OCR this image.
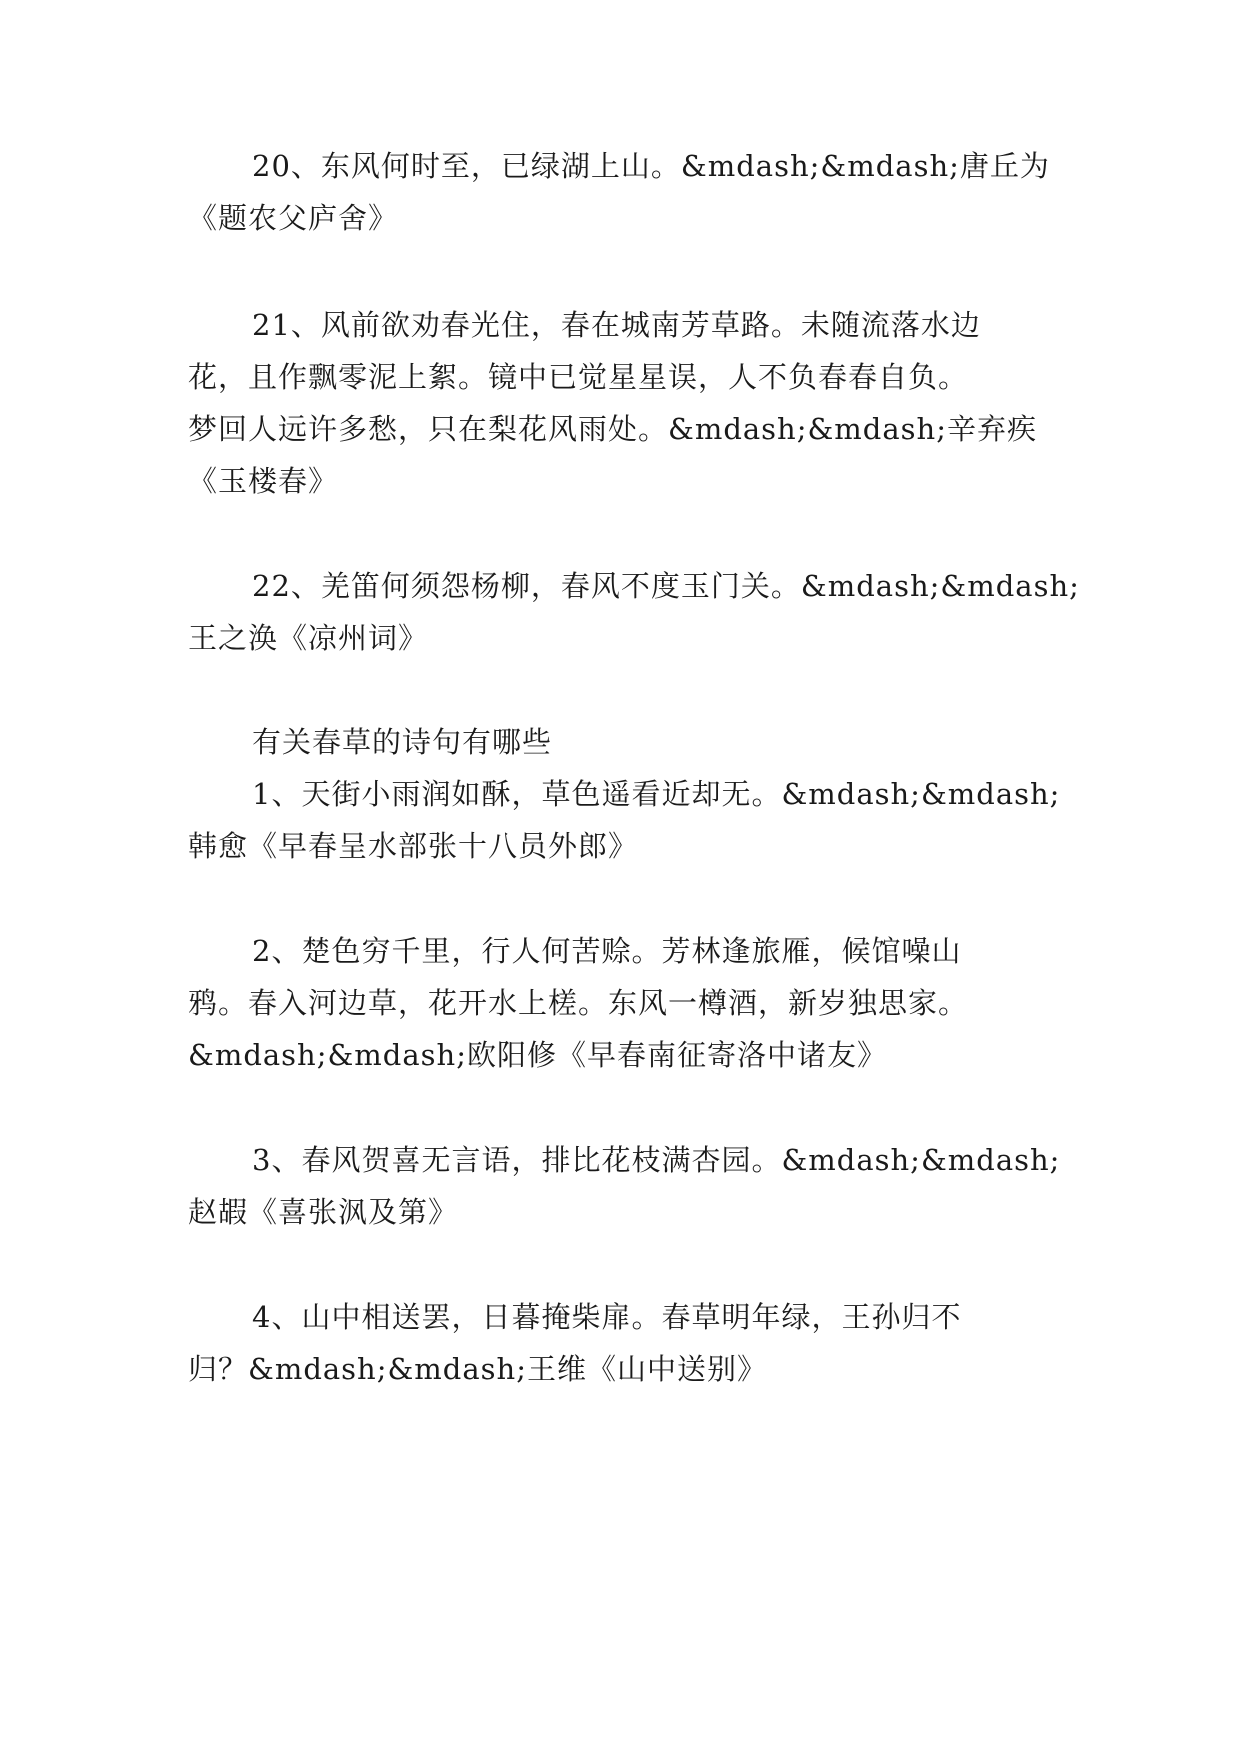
20、东风何时至，已绿湖上山。&mdash;&mdash;唐丘为
《题农父庐舍》
21、风前欲劝春光住，春在城南芳草路。未随流落水边
花，且作飘零泥上絮。镜中已觉星星误，人不负春春自负。
梦回人远许多愁，只在梨花风雨处。&mdash;&mdash;辛弃疾
《玉楼春》
22、羌笛何须怨杨柳，春风不度玉门关。&mdash;&mdash;
王之涣《凉州词》
有关春草的诗句有哪些
1、天街小雨润如酥，草色遥看近却无。&mdash;&mdash;
韩愈《早春呈水部张十八员外郎》
2、楚色穷千里，行人何苦赊。芳林逢旅雁，候馆噪山
鸦。春入河边草，花开水上槎。东风一樽酒，新岁独思家。
&mdash;&mdash;欧阳修《早春南征寄洛中诸友》
3、春风贺喜无言语，排比花枝满杏园。&mdash;&mdash;
赵嘏《喜张沨及第》
4、山中相送罢，日暮掩柴扉。春草明年绿，王孙归不
归？&mdash;&mdash;王维《山中送别》
